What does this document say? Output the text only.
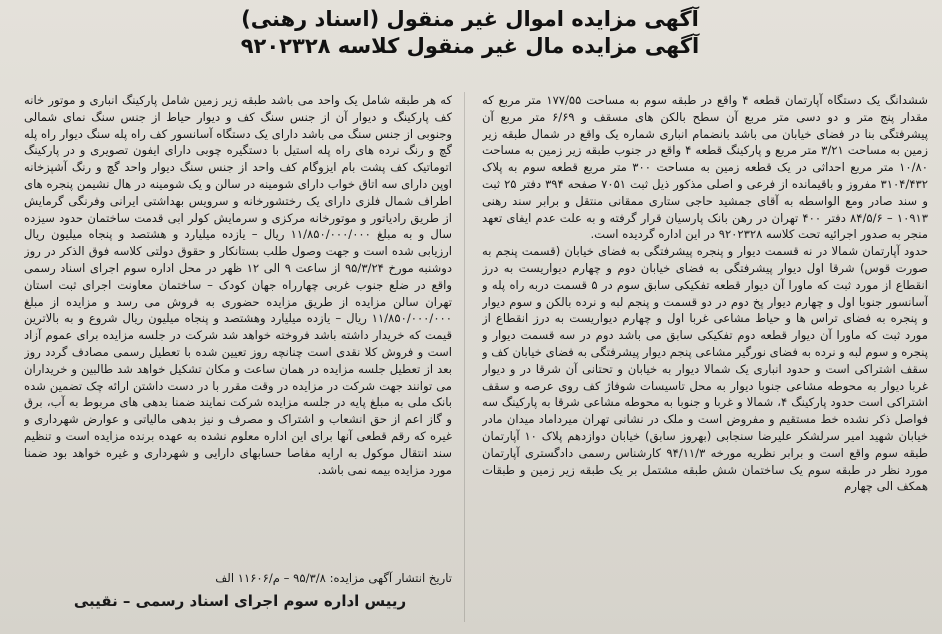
آگهی مزایده اموال غیر منقول (اسناد رهنی)
آگهی مزایده مال غیر منقول کلاسه ۹۲۰۲۳۲۸

ششدانگ یک دستگاه آپارتمان قطعه ۴ واقع در طبقه سوم به مساحت ۱۷۷/۵۵ متر مربع که مقدار پنج متر و دو دسی متر مربع آن سطح بالکن های مسقف و ۶/۶۹ متر مربع آن پیشرفتگی بنا در فضای خیابان می باشد بانضمام انباری شماره یک واقع در شمال طبقه زیر زمین به مساحت ۳/۲۱ متر مربع و پارکینگ قطعه ۴ واقع در جنوب طبقه زیر زمین به مساحت ۱۰/۸۰ متر مربع احداثی در یک قطعه زمین به مساحت ۳۰۰ متر مربع قطعه سوم به پلاک ۳۱۰۴/۴۳۲ مفروز و باقیمانده از فرعی و اصلی مذکور ذیل ثبت ۷۰۵۱ صفحه ۳۹۴ دفتر ۲۵ ثبت و سند صادر ومع الواسطه به آقای جمشید حاجی ستاری ممقانی منتقل و برابر سند رهنی ۱۰۹۱۳ – ۸۴/۵/۶ دفتر ۴۰۰ تهران در رهن بانک پارسیان قرار گرفته و به علت عدم ایفای تعهد منجر به صدور اجرائیه تحت کلاسه ۹۲۰۲۳۲۸ در این اداره گردیده است.

حدود آپارتمان شمالا در نه قسمت دیوار و پنجره پیشرفتگی به فضای خیابان (قسمت پنجم به صورت قوس) شرقا اول دیوار پیشرفتگی به فضای خیابان دوم و چهارم دیواریست به درز انقطاع از مورد ثبت که ماورا آن دیوار قطعه تفکیکی سابق سوم در ۵ قسمت دربه راه پله و آسانسور جنوبا اول و چهارم دیوار پخ دوم در دو قسمت و پنجم لبه و نرده بالکن و سوم دیوار و پنجره به فضای تراس ها و حیاط مشاعی غربا اول و چهارم دیواریست به درز انقطاع از مورد ثبت که ماورا آن دیوار قطعه دوم تفکیکی سابق می باشد دوم در سه قسمت دیوار و پنجره و سوم لبه و نرده به فضای نورگیر مشاعی پنجم دیوار پیشرفتگی به فضای خیابان کف و سقف اشتراکی است و حدود انباری یک شمالا دیوار به خیابان و تحتانی آن شرقا در و دیوار غربا دیوار به محوطه مشاعی جنوبا دیوار به محل تاسیسات شوفاژ کف روی عرصه و سقف اشتراکی است حدود پارکینگ ۴، شمالا و غربا و جنوبا به محوطه مشاعی شرقا به پارکینگ سه فواصل ذکر نشده خط مستقیم و مفروض است و ملک در نشانی تهران میرداماد میدان مادر خیابان شهید امیر سرلشکر علیرضا سنجابی (بهروز سابق) خیابان دوازدهم پلاک ۱۰ آپارتمان طبقه سوم واقع است و برابر نظریه مورخه ۹۴/۱۱/۳ کارشناس رسمی دادگستری آپارتمان مورد نظر در طبقه سوم یک ساختمان شش طبقه مشتمل بر یک طبقه زیر زمین و طبقات همکف الی چهارم

که هر طبقه شامل یک واحد می باشد طبقه زیر زمین شامل پارکینگ انباری و موتور خانه کف پارکینگ و دیوار آن از جنس سنگ کف و دیوار حیاط از جنس سنگ نمای شمالی وجنوبی از جنس سنگ می باشد دارای یک دستگاه آسانسور کف راه پله سنگ دیوار راه پله گچ و رنگ نرده های راه پله استیل با دستگیره چوبی دارای ایفون تصویری و در پارکینگ اتوماتیک کف پشت بام ایزوگام کف واحد از جنس سنگ دیوار واحد گچ و رنگ آشپزخانه اوپن دارای سه اتاق خواب دارای شومینه در سالن و یک شومینه در هال نشیمن پنجره های اطراف شمال فلزی دارای یک رختشورخانه و سرویس بهداشتی ایرانی وفرنگی گرمایش از طریق رادیاتور و موتورخانه مرکزی و سرمایش کولر ابی قدمت ساختمان حدود سیزده سال و به مبلغ ۱۱/۸۵۰/۰۰۰/۰۰۰ ریال – یازده میلیارد و هشتصد و پنجاه میلیون ریال ارزیابی شده است و جهت وصول طلب بستانکار و حقوق دولتی کلاسه فوق الذکر در روز دوشنبه مورخ ۹۵/۳/۲۴ از ساعت ۹ الی ۱۲ ظهر در محل اداره سوم اجرای اسناد رسمی واقع در ضلع جنوب غربی چهارراه جهان کودک – ساختمان معاونت اجرای ثبت استان تهران سالن مزایده از طریق مزایده حضوری به فروش می رسد و مزایده از مبلغ ۱۱/۸۵۰/۰۰۰/۰۰۰ ریال – یازده میلیارد وهشتصد و پنجاه میلیون ریال شروع و به بالاترین قیمت که خریدار داشته باشد فروخته خواهد شد شرکت در جلسه مزایده برای عموم آزاد است و فروش کلا نقدی است چنانچه روز تعیین شده با تعطیل رسمی مصادف گردد روز بعد از تعطیل جلسه مزایده در همان ساعت و مکان تشکیل خواهد شد طالبین و خریداران می توانند جهت شرکت در مزایده در وقت مقرر با در دست داشتن ارائه چک تضمین شده بانک ملی به مبلغ پایه در جلسه مزایده شرکت نمایند ضمنا بدهی های مربوط به آب، برق و گاز اعم از حق انشعاب و اشتراک و مصرف و نیز بدهی مالیاتی و عوارض شهرداری و غیره که رقم قطعی آنها برای این اداره معلوم نشده به عهده برنده مزایده است و تنظیم سند انتقال موکول به ارایه مفاصا حسابهای دارایی و شهرداری و غیره خواهد بود ضمنا مورد مزایده بیمه نمی باشد.

تاریخ انتشار آگهی مزایده: ۹۵/۳/۸ – م/۱۱۶۰۶ الف
رییس اداره سوم اجرای اسناد رسمی – نقیبی
